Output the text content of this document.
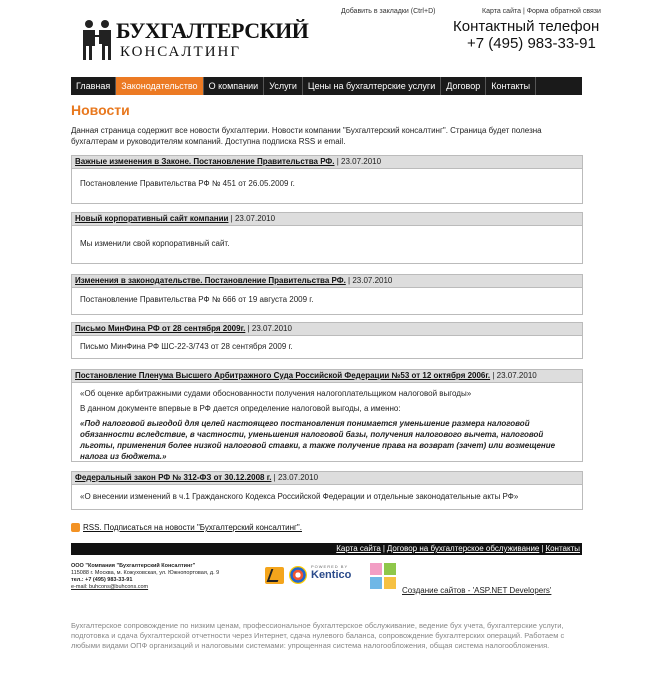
БУХГАЛТЕРСКИЙ
КОНСАЛТИНГ
Добавить в закладки (Ctrl+D)	Карта сайта | Форма обратной связи
Контактный телефон
+7 (495) 983-33-91
Главная	Законодательство	О компании	Услуги	Цены на бухгалтерские услуги	Договор	Контакты
Новости
Данная страница содержит все новости бухгалтерии. Новости компании "Бухгалтерский консалтинг". Страница будет полезна бухгалтерам и руководителям компаний. Доступна подписка RSS и email.
Важные изменения в Законе. Постановление Правительства РФ. | 23.07.2010

Постановление Правительства РФ № 451 от 26.05.2009 г.

Новый корпоративный сайт компании | 23.07.2010

Мы изменили свой корпоративный сайт.

Изменения в законодательстве. Постановление Правительства РФ. | 23.07.2010

Постановление Правительства РФ № 666 от 19 августа 2009 г.

Письмо МинФина РФ от 28 сентября 2009г. | 23.07.2010

Письмо МинФина РФ ШС-22-3/743 от 28 сентября 2009 г.

Постановление Пленума Высшего Арбитражного Суда Российской Федерации №53 от 12 октября 2006г. | 23.07.2010

«Об оценке арбитражными судами обоснованности получения налогоплательщиком налоговой выгоды»

В данном документе впервые в РФ дается определение налоговой выгоды, а именно:

«Под налоговой выгодой для целей настоящего постановления понимается уменьшение размера налоговой обязанности вследствие, в частности, уменьшения налоговой базы, получения налогового вычета, налоговой льготы, применения более низкой налоговой ставки, а также получение права на возврат (зачет) или возмещение налога из бюджета.»

Федеральный закон РФ № 312-ФЗ от 30.12.2008 г. | 23.07.2010

«О внесении изменений в ч.1 Гражданского Кодекса Российской Федерации и отдельные законодательные акты РФ»

RSS. Подписаться на новости "Бухгалтерский консалтинг".
Карта сайта | Договор на бухгалтерское обслуживание | Контакты
ООО "Компания "Бухгалтерский Консалтинг"
115088 г. Москва, м. Кожуховская, ул. Южнопортовая, д. 9
тел.: +7 (495) 983-33-91
e-mail: buhcons@buhcons.com
POWERED BY
Kentico
Создание сайтов - 'ASP.NET Developers'
Бухгалтерское сопровождение по низким ценам, профессиональное бухгалтерское обслуживание, ведение бух учета, бухгалтерские услуги, подготовка и сдача бухгалтерской отчетности через Интернет, сдача нулевого баланса, сопровождение бухгалтерских операций. Работаем с любыми видами ОПФ организаций и налоговыми системами: упрощенная система налогообложения, общая система налогообложения.
